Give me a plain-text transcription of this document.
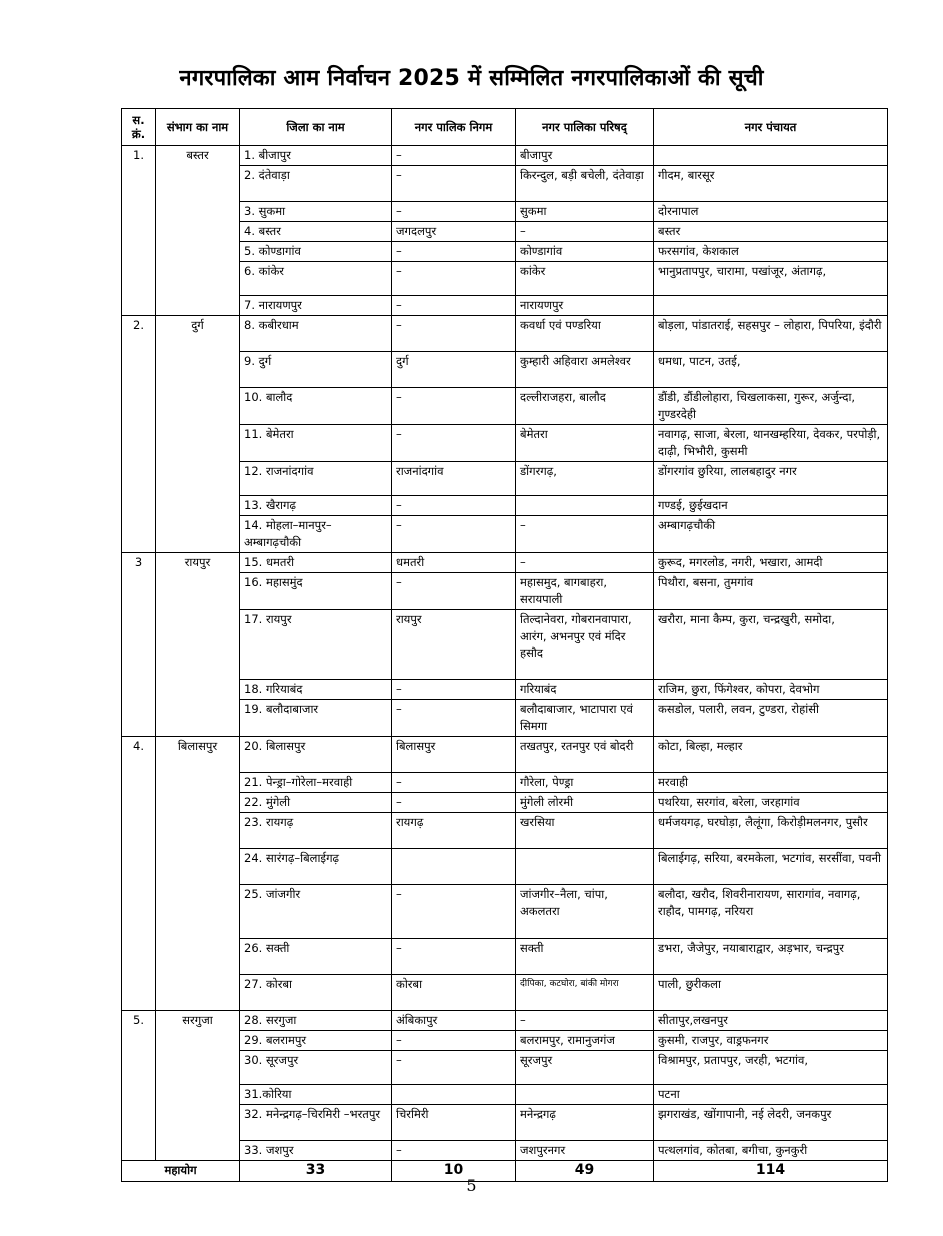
नगरपालिका आम निर्वाचन 2025 में सम्मिलित नगरपालिकाओं की सूची
स. क्रं.	संभाग का नाम	जिला का नाम	नगर पालिक निगम	नगर पालिका परिषद्	नगर पंचायत
1.	बस्तर	1. बीजापुर	–	बीजापुर	
		2. दंतेवाड़ा	–	किरन्दुल, बड़ी बचेली, दंतेवाड़ा	गीदम, बारसूर
		3. सुकमा	–	सुकमा	दोरनापाल
		4. बस्तर	जगदलपुर	–	बस्तर
		5. कोण्डागांव	–	कोण्डागांव	फरसगांव, केशकाल
		6. कांकेर	–	कांकेर	भानुप्रतापपुर, चारामा, पखांजूर, अंतागढ़,
		7. नारायणपुर	–	नारायणपुर	
2.	दुर्ग	8. कबीरधाम	–	कवर्धा एवं पण्डरिया	बोड़ला, पांडातराई, सहसपुर – लोहारा, पिपरिया, इंदौरी
		9. दुर्ग	दुर्ग	कुम्हारी अहिवारा अमलेश्वर	धमधा, पाटन, उतई,
		10. बालौद	–	दल्लीराजहरा, बालौद	डौंडी, डौंडीलोहारा, चिखलाकसा, गुरूर, अर्जुन्दा, गुण्डरदेही
		11. बेमेतरा	–	बेमेतरा	नवागढ़, साजा, बेरला, थानखम्हरिया, देवकर, परपोड़ी, दाढ़ी, भिभौरी, कुसमी
		12. राजनांदगांव	राजनांदगांव	डोंगरगढ़,	डोंगरगांव छुरिया, लालबहादुर नगर
		13. खैरागढ़	–		गण्डई, छुईखदान
		14. मोहला–मानपुर–अम्बागढ़चौकी	–	–	अम्बागढ़चौकी
3	रायपुर	15. धमतरी	धमतरी	–	कुरूद, मगरलोड, नगरी, भखारा, आमदी
		16. महासमुंद	–	महासमुद, बागबाहरा, सरायपाली	पिथौरा, बसना, तुमगांव
		17. रायपुर	रायपुर	तिल्दानेवरा, गोबरानवापारा, आरंग, अभनपुर एवं मंदिर हसौद	खरौरा, माना कैम्प, कुरा, चन्द्रखुरी, समोदा,
		18. गरियाबंद	–	गरियाबंद	राजिम, छुरा, फिंगेश्वर, कोपरा, देवभोग
		19. बलौदाबाजार	–	बलौदाबाजार, भाटापारा एवं सिमगा	कसडोल, पलारी, लवन, टुण्डरा, रोहांसी
4.	बिलासपुर	20. बिलासपुर	बिलासपुर	तखतपुर, रतनपुर एवं बोदरी	कोटा, बिल्हा, मल्हार
		21. पेन्ड्रा–गोरेला–मरवाही	–	गौरेला, पेण्ड्रा	मरवाही
		22. मुंगेली	–	मुंगेली लोरमी	पथरिया, सरगांव, बरेला, जरहागांव
		23. रायगढ़	रायगढ़	खरसिया	धर्मजयगढ़, घरघोड़ा, लैलूंगा, किरोड़ीमलनगर, पुसौर
		24. सारंगढ़–बिलाईगढ़			बिलाईगढ़, सरिया, बरमकेला, भटगांव, सरसींवा, पवनी
		25. जांजगीर	–	जांजगीर–नैला, चांपा, अकलतरा	बलौदा, खरौद, शिवरीनारायण, सारागांव, नवागढ़, राहौद, पामगढ़, नरियरा
		26. सक्ती	–	सक्ती	डभरा, जैजेपुर, नयाबाराद्वार, अड़भार, चन्द्रपुर
		27. कोरबा	कोरबा	दीपिका, कटघोरा, बांकी मोगरा	पाली, छुरीकला
5.	सरगुजा	28. सरगुजा	अंबिकापुर	–	सीतापुर,लखनपुर
		29. बलरामपुर	–	बलरामपुर, रामानुजगंज	कुसमी, राजपुर, वाड्रफनगर
		30. सूरजपुर	–	सूरजपुर	विश्रामपुर, प्रतापपुर, जरही, भटगांव,
		31.कोरिया			पटना
		32. मनेन्द्रगढ़–चिरमिरी –भरतपुर	चिरमिरी	मनेन्द्रगढ़	झगराखंड, खोंगापानी, नई लेदरी, जनकपुर
		33. जशपुर	–	जशपुरनगर	पत्थलगांव, कोतबा, बगीचा, कुनकुरी
महायोग		33	10	49	114
5
